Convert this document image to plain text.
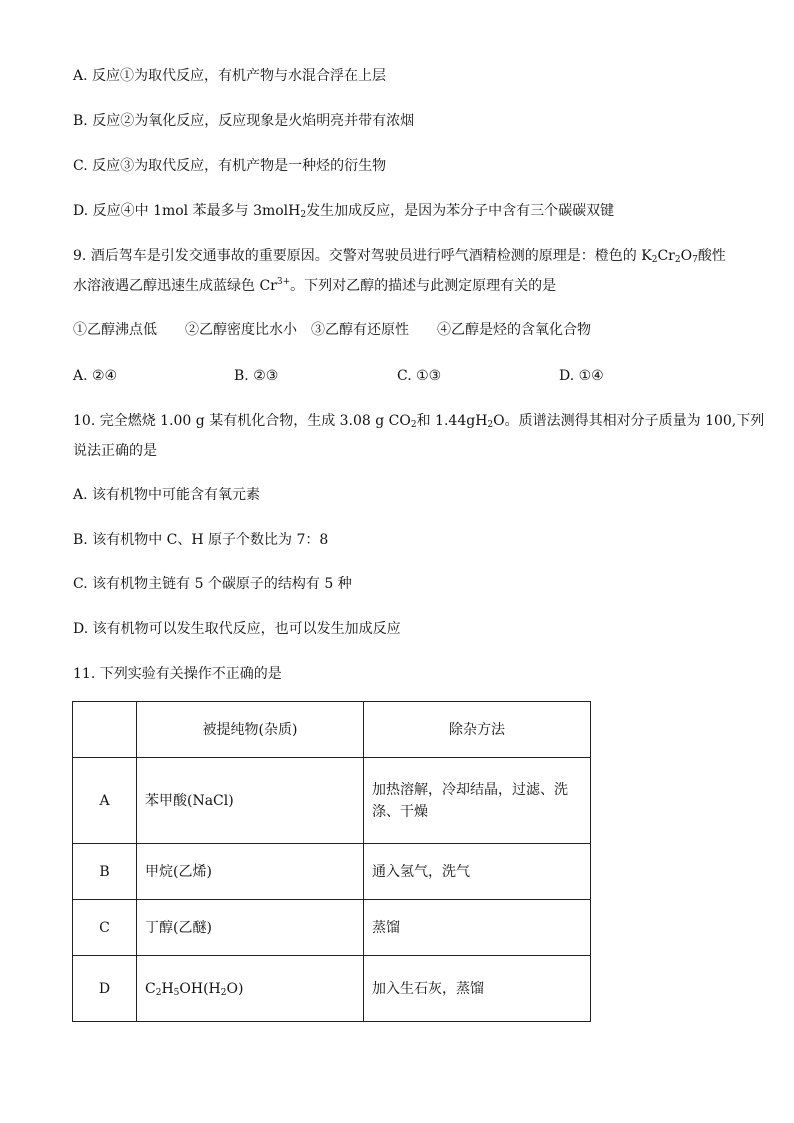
A. 反应①为取代反应，有机产物与水混合浮在上层
B. 反应②为氧化反应，反应现象是火焰明亮并带有浓烟
C. 反应③为取代反应，有机产物是一种烃的衍生物
D. 反应④中 1mol 苯最多与 3molH$_2$发生加成反应，是因为苯分子中含有三个碳碳双键
9. 酒后驾车是引发交通事故的重要原因。交警对驾驶员进行呼气酒精检测的原理是：橙色的 $K_2Cr_2O_7$酸性
水溶液遇乙醇迅速生成蓝绿色 $Cr^{3+}$。下列对乙醇的描述与此测定原理有关的是
①乙醇沸点低　　②乙醇密度比水小　③乙醇有还原性　　④乙醇是烃的含氧化合物
A. ②④	B. ②③	C. ①③	D. ①④
10. 完全燃烧 1.00 g 某有机化合物，生成 3.08 g $CO_2$和 $1.44gH_2O$。质谱法测得其相对分子质量为 100,下列
说法正确的是
A. 该有机物中可能含有氧元素
B. 该有机物中 C、H 原子个数比为 7：8
C. 该有机物主链有 5 个碳原子的结构有 5 种
D. 该有机物可以发生取代反应，也可以发生加成反应
11. 下列实验有关操作不正确的是
	被提纯物(杂质)	除杂方法
A	苯甲酸(NaCl)	加热溶解，冷却结晶，过滤、洗涤、干燥
B	甲烷(乙烯)	通入氢气，洗气
C	丁醇(乙醚)	蒸馏
D	$C_2H_5OH(H_2O)$	加入生石灰，蒸馏
